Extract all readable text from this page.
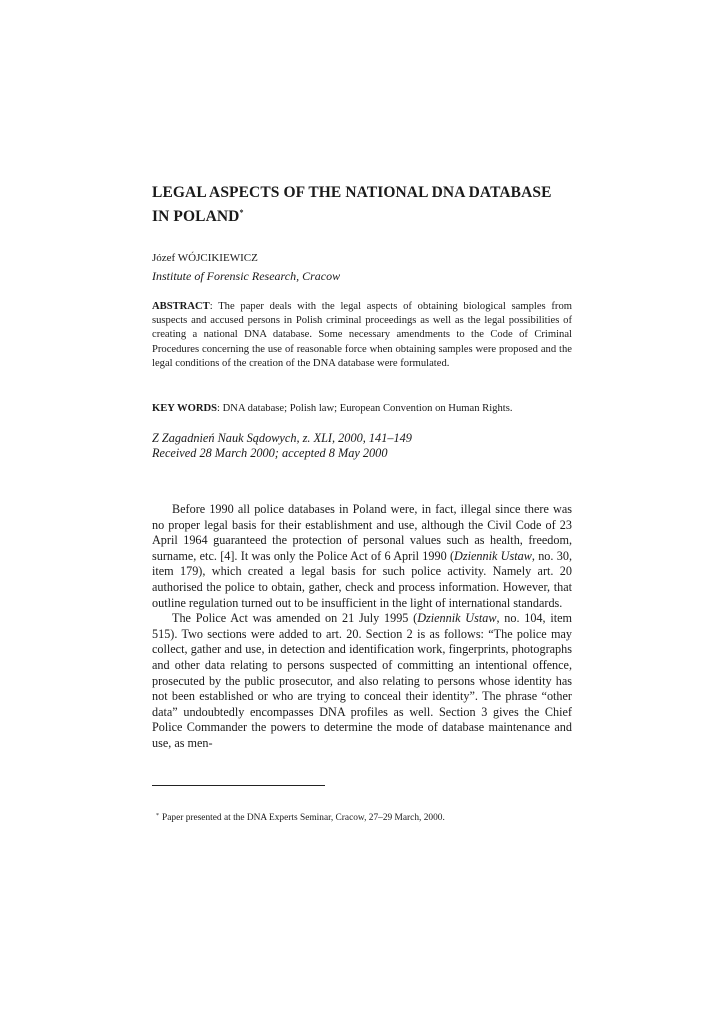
LEGAL ASPECTS OF THE NATIONAL DNA DATABASE
IN POLAND*
Józef WÓJCIKIEWICZ
Institute of Forensic Research, Cracow
ABSTRACT: The paper deals with the legal aspects of obtaining biological samples from suspects and accused persons in Polish criminal proceedings as well as the legal possibilities of creating a national DNA database. Some necessary amendments to the Code of Criminal Procedures concerning the use of reasonable force when obtaining samples were proposed and the legal conditions of the creation of the DNA database were formulated.
KEY WORDS: DNA database; Polish law; European Convention on Human Rights.
Z Zagadnień Nauk Sądowych, z. XLI, 2000, 141–149
Received 28 March 2000; accepted 8 May 2000

Before 1990 all police databases in Poland were, in fact, illegal since there was no proper legal basis for their establishment and use, although the Civil Code of 23 April 1964 guaranteed the protection of personal values such as health, freedom, surname, etc. [4]. It was only the Police Act of 6 April 1990 (Dziennik Ustaw, no. 30, item 179), which created a legal basis for such police activity. Namely art. 20 authorised the police to obtain, gather, check and process information. However, that outline regulation turned out to be insufficient in the light of international standards.

The Police Act was amended on 21 July 1995 (Dziennik Ustaw, no. 104, item 515). Two sections were added to art. 20. Section 2 is as follows: “The police may collect, gather and use, in detection and identification work, fingerprints, photographs and other data relating to persons suspected of committing an intentional offence, prosecuted by the public prosecutor, and also relating to persons whose identity has not been established or who are trying to conceal their identity”. The phrase “other data” undoubtedly encompasses DNA profiles as well. Section 3 gives the Chief Police Commander the powers to determine the mode of database maintenance and use, as men-

* Paper presented at the DNA Experts Seminar, Cracow, 27–29 March, 2000.
